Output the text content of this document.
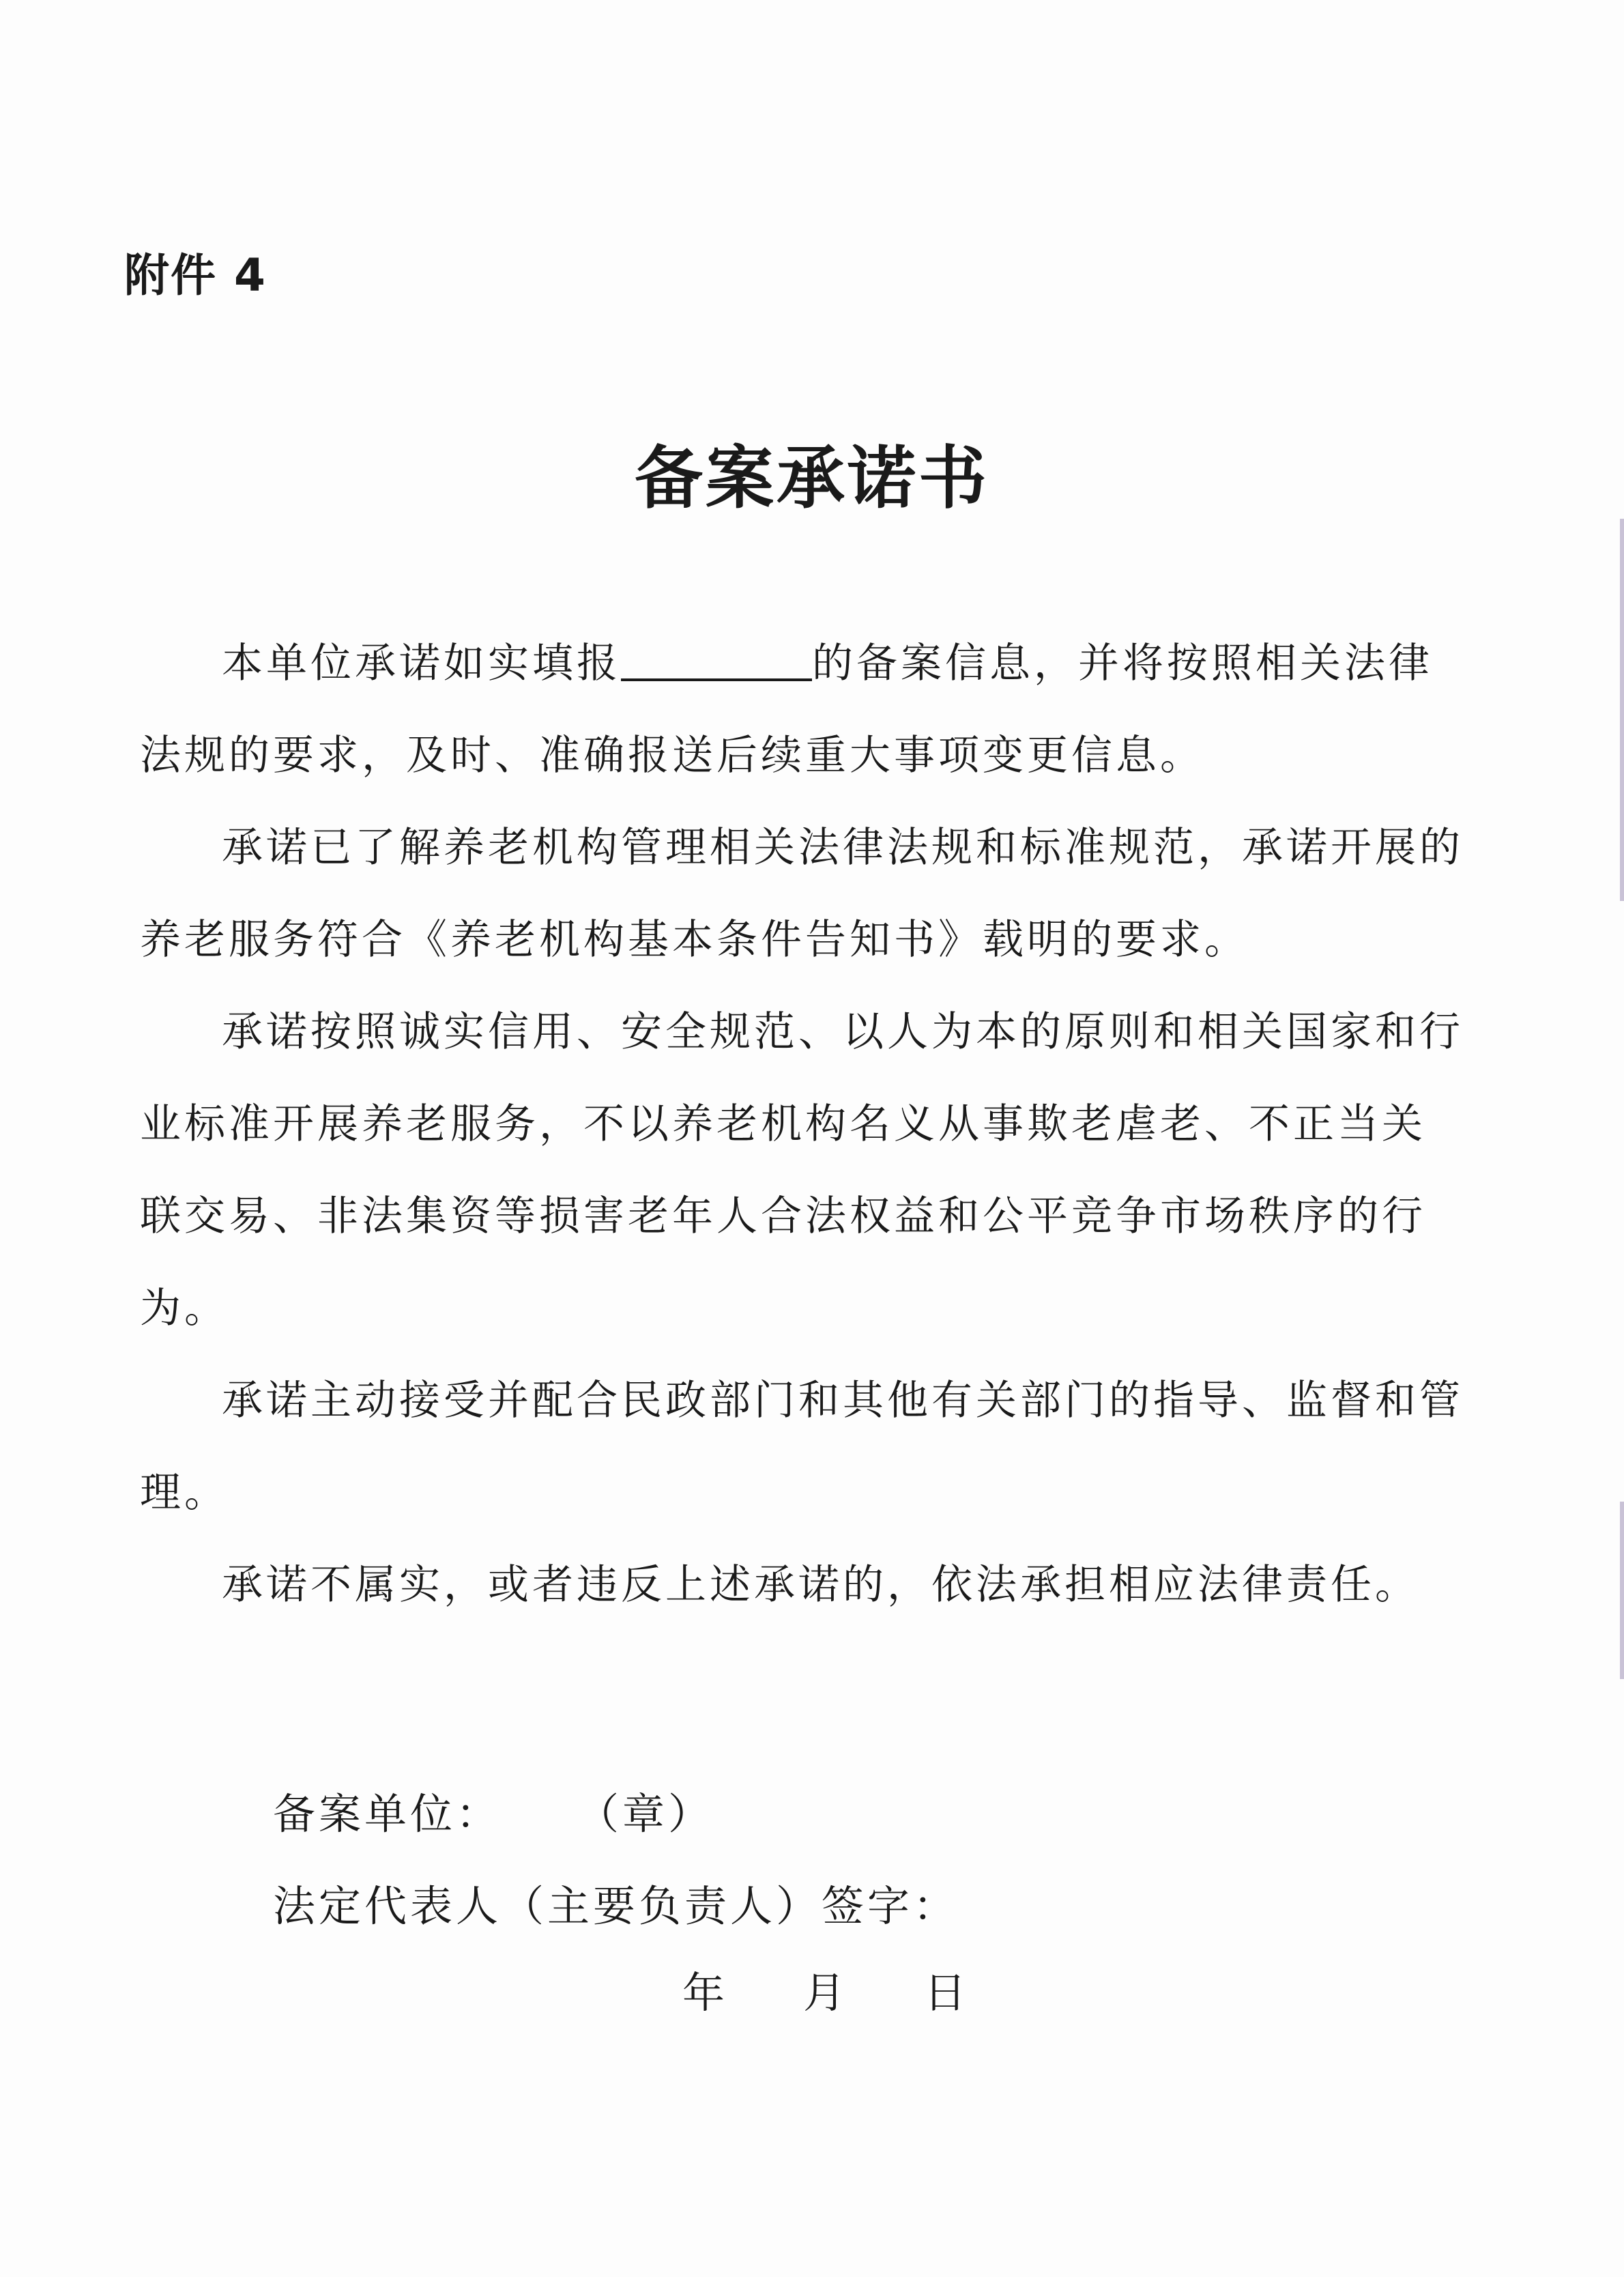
附件 4
备案承诺书

本单位承诺如实填报	的备案信息，并将按照相关法律法规的要求，及时、准确报送后续重大事项变更信息。

承诺已了解养老机构管理相关法律法规和标准规范，承诺开展的养老服务符合《养老机构基本条件告知书》载明的要求。

承诺按照诚实信用、安全规范、以人为本的原则和相关国家和行业标准开展养老服务，不以养老机构名义从事欺老虐老、不正当关联交易、非法集资等损害老年人合法权益和公平竞争市场秩序的行为。

承诺主动接受并配合民政部门和其他有关部门的指导、监督和管理。

承诺不属实，或者违反上述承诺的，依法承担相应法律责任。

备案单位： （章）
法定代表人（主要负责人）签字：
年 月 日
